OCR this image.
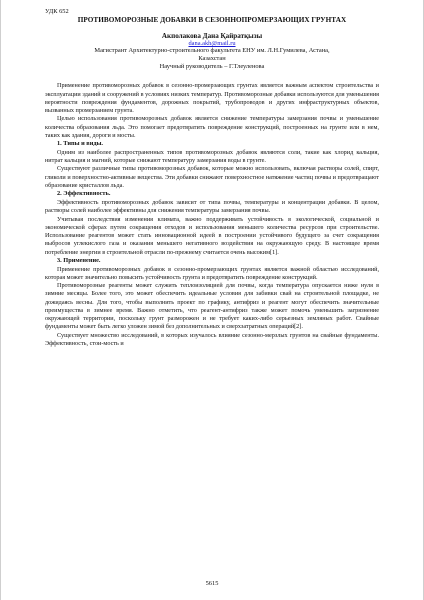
УДК 652

ПРОТИВОМОРОЗНЫЕ ДОБАВКИ В СЕЗОННОПРОМЕРЗАЮЩИХ ГРУНТАХ

Акполакова Дана Қайратқызы

dana.akh@mail.ru

Магистрант Архитектурно-строительного факультета ЕНУ им. Л.Н.Гумилева, Астана,

Казахстан

Научный руководитель – Г.Тлеуленова

Применение противоморозных добавок в сезонно-промерзающих грунтах является важным аспектом строительства и эксплуатации зданий и сооружений в условиях низких температур. Противоморозные добавки используются для уменьшения вероятности повреждения фундаментов, дорожных покрытий, трубопроводов и других инфраструктурных объектов, вызванных промерзанием грунта.

Целью использования противоморозных добавок является снижение температуры замерзания почвы и уменьшение количества образования льда. Это помогает предотвратить повреждение конструкций, построенных на грунте или в нем, таких как здания, дороги и мосты.

1. Типы и виды.

Одним из наиболее распространенных типов противоморозных добавок являются соли, такие как хлорид кальция, нитрат кальция и магний, которые снижают температуру замерзания воды в грунте.

Существуют различные типы противоморозных добавок, которые можно использовать, включая растворы солей, спирт, гликоли и поверхностно-активные вещества. Эти добавки снижают поверхностное натяжение частиц почвы и предотвращают образование кристаллов льда.

2. Эффективность.

Эффективность противоморозных добавок зависит от типа почвы, температуры и концентрации добавки. В целом, растворы солей наиболее эффективны для снижения температуры замерзания почвы.

Учитывая последствия изменения климата, важно поддерживать устойчивость в экологической, социальной и экономической сферах путем сокращения отходов и использования меньшего количества ресурсов при строительстве. Использование реагентов может стать инновационной идеей в построении устойчивого будущего за счет сокращения выбросов углекислого газа и оказания меньшего негативного воздействия на окружающую среду. В настоящее время потребление энергии в строительной отрасли по-прежнему считается очень высоким[1].

3. Применение.

Применение противоморозных добавок в сезонно-промерзающих грунтах является важной областью исследований, которая может значительно повысить устойчивость грунта и предотвратить повреждение конструкций.

Противоморозные реагенты может служить теплоизоляцией для почвы, когда температура опускается ниже нуля в зимние месяцы. Более того, это может обеспечить идеальные условия для забивки свай на строительной площадке, не дожидаясь весны. Для того, чтобы выполнить проект по графику, антифриз и реагент могут обеспечить значительные преимущества в зимнее время. Важно отметить, что реагент-антифриз также может помочь уменьшить загрязнение окружающей территории, поскольку грунт разморожен и не требует каких-либо серьезных земляных работ. Свайные фундаменты может быть легко уложен зимой без дополнительных и сверхзатратных операций[2].

Существует множество исследований, в которых изучалось влияние сезонно-мерзлых грунтов на свайные фундаменты. Эффективность, стои-мость и

5615
